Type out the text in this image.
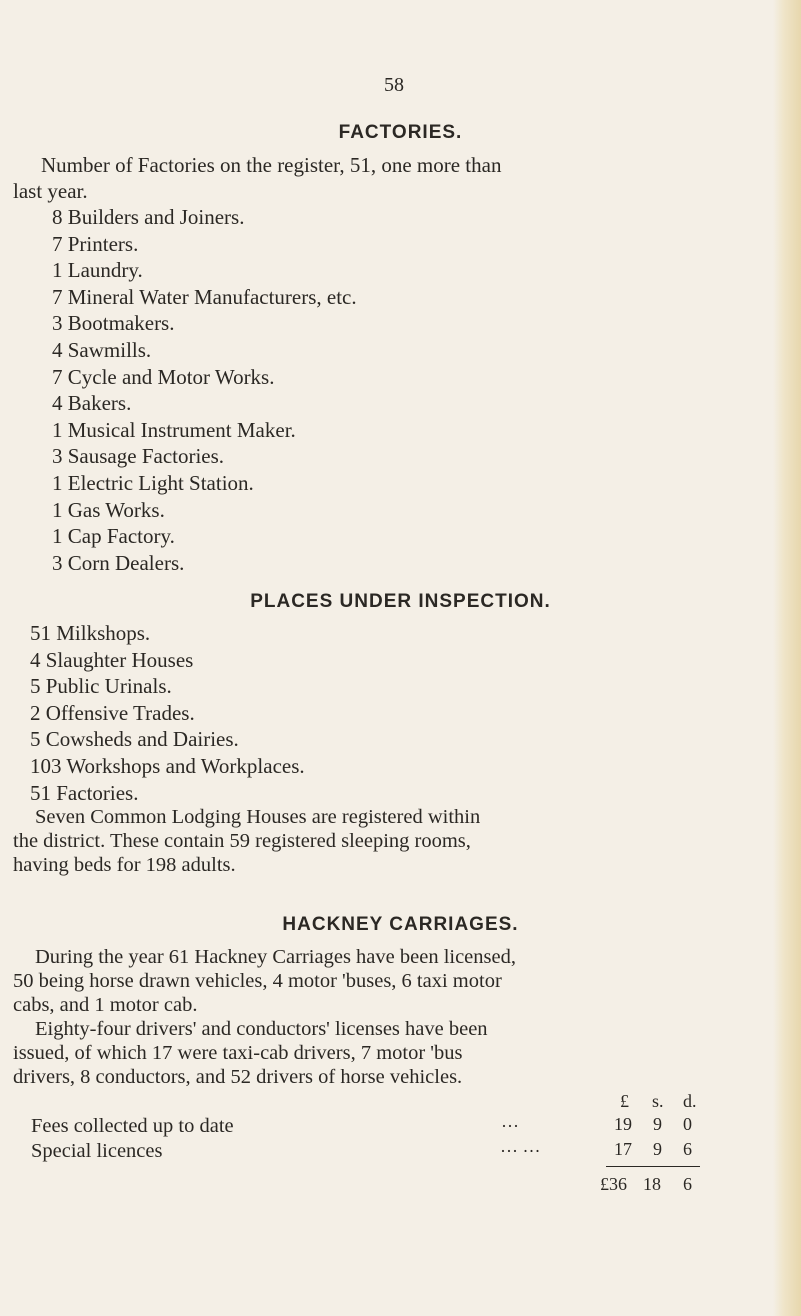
58
FACTORIES.
Number of Factories on the register, 51, one more than
last year.
8 Builders and Joiners.
7 Printers.
1 Laundry.
7 Mineral Water Manufacturers, etc.
3 Bootmakers.
4 Sawmills.
7 Cycle and Motor Works.
4 Bakers.
1 Musical Instrument Maker.
3 Sausage Factories.
1 Electric Light Station.
1 Gas Works.
1 Cap Factory.
3 Corn Dealers.
PLACES UNDER INSPECTION.
51 Milkshops.
4 Slaughter Houses
5 Public Urinals.
2 Offensive Trades.
5 Cowsheds and Dairies.
103 Workshops and Workplaces.
51 Factories.
Seven Common Lodging Houses are registered within
the district. These contain 59 registered sleeping rooms,
having beds for 198 adults.
HACKNEY CARRIAGES.
During the year 61 Hackney Carriages have been licensed,
50 being horse drawn vehicles, 4 motor 'buses, 6 taxi motor
cabs, and 1 motor cab.
Eighty-four drivers' and conductors' licenses have been
issued, of which 17 were taxi-cab drivers, 7 motor 'bus
drivers, 8 conductors, and 52 drivers of horse vehicles.
£ s. d.
Fees collected up to date	···	19 9 0
Special licences	··· ···	17 9 6
£36 18 6
